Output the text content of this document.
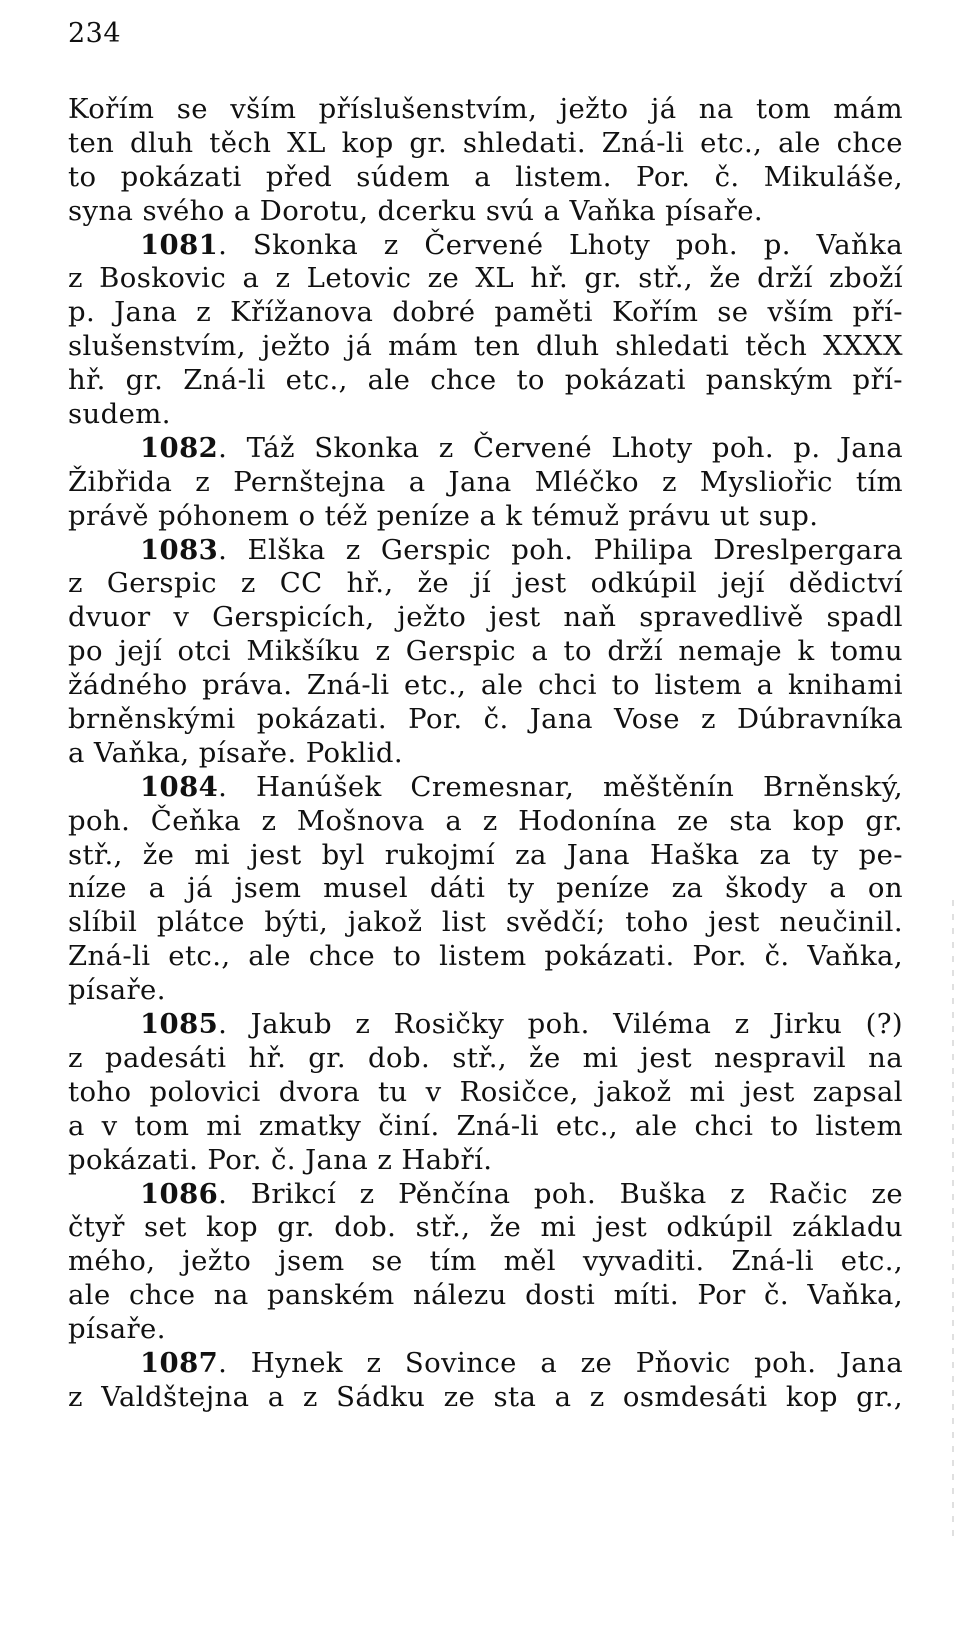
234
Kořím se vším příslušenstvím, ježto já na tom mám
ten dluh těch XL kop gr. shledati. Zná-li etc., ale chce
to pokázati před súdem a listem. Por. č. Mikuláše,
syna svého a Dorotu, dcerku svú a Vaňka písaře.
1081. Skonka z Červené Lhoty poh. p. Vaňka
z Boskovic a z Letovic ze XL hř. gr. stř., že drží zboží
p. Jana z Křížanova dobré paměti Kořím se vším pří-
slušenstvím, ježto já mám ten dluh shledati těch XXXX
hř. gr. Zná-li etc., ale chce to pokázati panským pří-
sudem.
1082. Táž Skonka z Červené Lhoty poh. p. Jana
Žibřida z Pernštejna a Jana Mléčko z Mysliořic tím
právě póhonem o též peníze a k témuž právu ut sup.
1083. Elška z Gerspic poh. Philipa Dreslpergara
z Gerspic z CC hř., že jí jest odkúpil její dědictví
dvuor v Gerspicích, ježto jest naň spravedlivě spadl
po její otci Mikšíku z Gerspic a to drží nemaje k tomu
žádného práva. Zná-li etc., ale chci to listem a knihami
brněnskými pokázati. Por. č. Jana Vose z Dúbravníka
a Vaňka, písaře. Poklid.
1084. Hanúšek Cremesnar, měštěnín Brněnský,
poh. Čeňka z Mošnova a z Hodonína ze sta kop gr.
stř., že mi jest byl rukojmí za Jana Haška za ty pe-
níze a já jsem musel dáti ty peníze za škody a on
slíbil plátce býti, jakož list svědčí; toho jest neučinil.
Zná-li etc., ale chce to listem pokázati. Por. č. Vaňka,
písaře.
1085. Jakub z Rosičky poh. Viléma z Jirku (?)
z padesáti hř. gr. dob. stř., že mi jest nespravil na
toho polovici dvora tu v Rosičce, jakož mi jest zapsal
a v tom mi zmatky činí. Zná-li etc., ale chci to listem
pokázati. Por. č. Jana z Habří.
1086. Brikcí z Pěnčína poh. Buška z Račic ze
čtyř set kop gr. dob. stř., že mi jest odkúpil základu
mého, ježto jsem se tím měl vyvaditi. Zná-li etc.,
ale chce na panském nálezu dosti míti. Por č. Vaňka,
písaře.
1087. Hynek z Sovince a ze Pňovic poh. Jana
z Valdštejna a z Sádku ze sta a z osmdesáti kop gr.,
